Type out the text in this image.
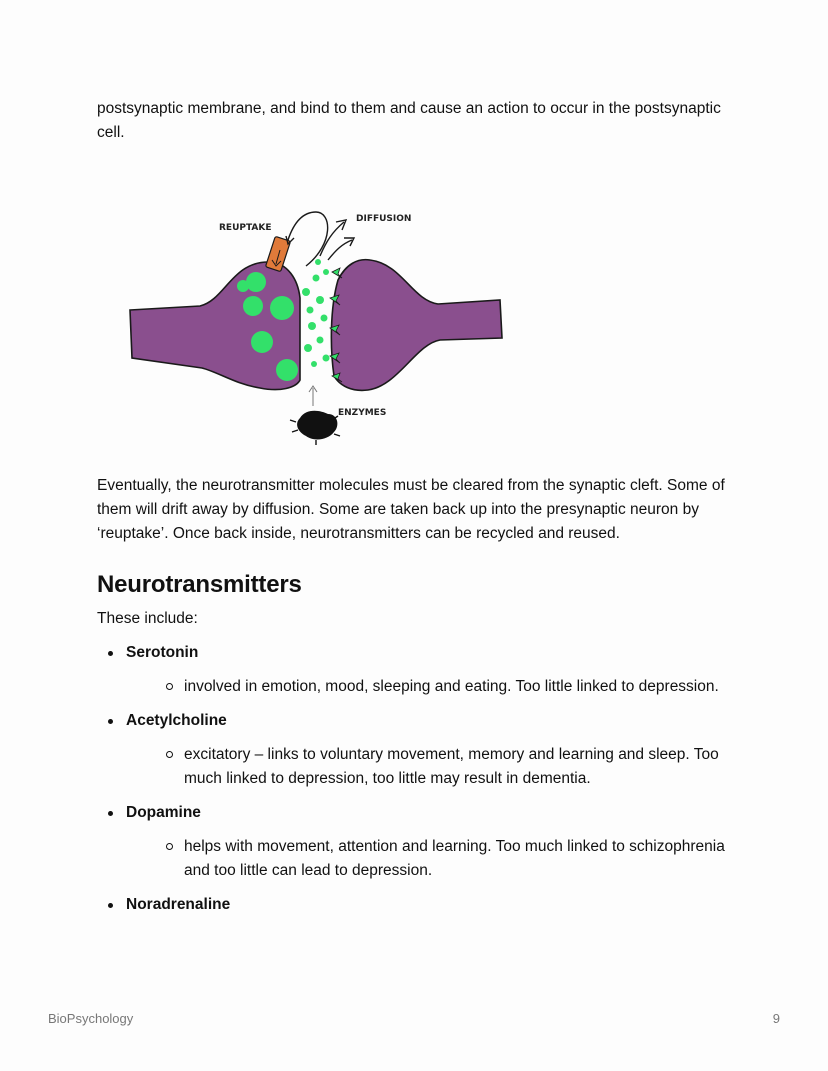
postsynaptic membrane, and bind to them and cause an action to occur in the postsynaptic cell.

REUPTAKE
DIFFUSION
ENZYMES

Eventually, the neurotransmitter molecules must be cleared from the synaptic cleft. Some of them will drift away by diffusion. Some are taken back up into the presynaptic neuron by ‘reuptake’. Once back inside, neurotransmitters can be recycled and reused.

Neurotransmitters

These include:

Serotonin
involved in emotion, mood, sleeping and eating. Too little linked to depression.
Acetylcholine
excitatory – links to voluntary movement, memory and learning and sleep. Too much linked to depression, too little may result in dementia.
Dopamine
helps with movement, attention and learning. Too much linked to schizophrenia and too little can lead to depression.
Noradrenaline
BioPsychology	9
